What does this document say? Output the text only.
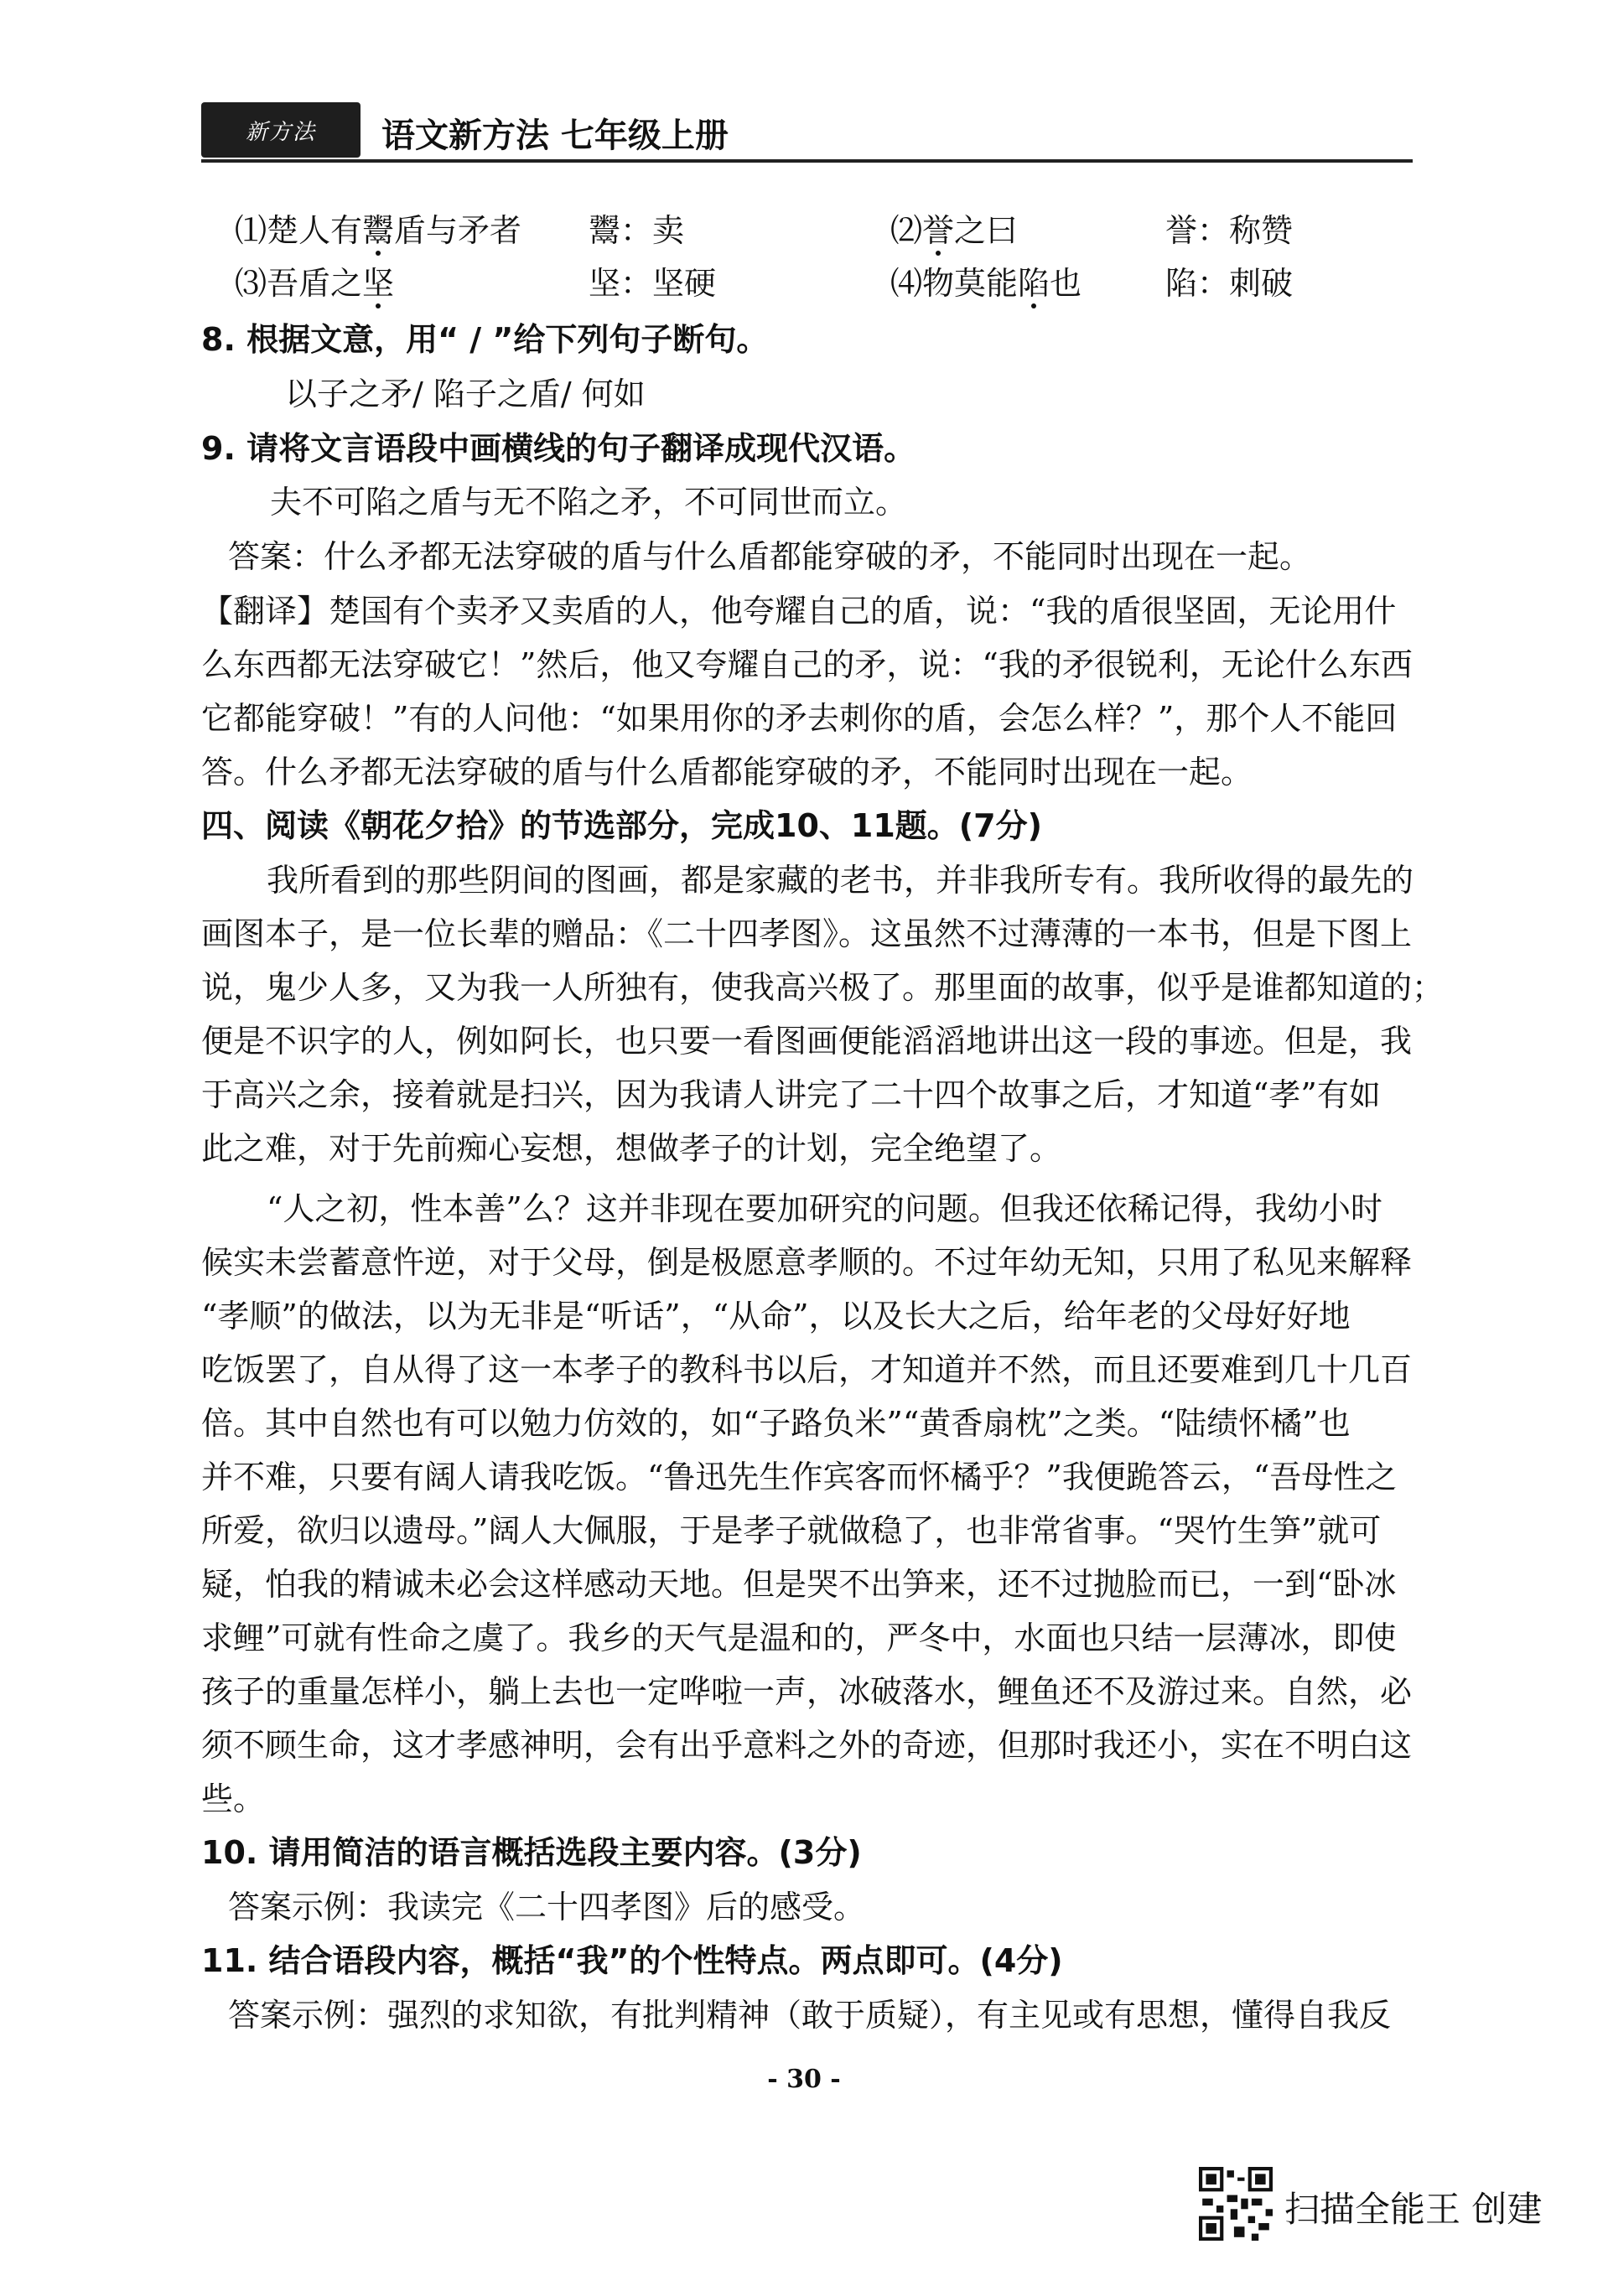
新方法 语文新方法 七年级上册
⑴楚人有鬻盾与矛者 鬻：卖	⑵誉之曰	誉：称赞
⑶吾盾之坚	坚：坚硬	⑷物莫能陷也	陷：刺破
8. 根据文意，用“ / ”给下列句子断句。
以子之矛/ 陷子之盾/ 何如
9. 请将文言语段中画横线的句子翻译成现代汉语。
夫不可陷之盾与无不陷之矛，不可同世而立。
答案：什么矛都无法穿破的盾与什么盾都能穿破的矛，不能同时出现在一起。
【翻译】楚国有个卖矛又卖盾的人，他夸耀自己的盾，说：“我的盾很坚固，无论用什
么东西都无法穿破它！”然后，他又夸耀自己的矛，说：“我的矛很锐利，无论什么东西
它都能穿破！”有的人问他：“如果用你的矛去刺你的盾，会怎么样？”，那个人不能回
答。什么矛都无法穿破的盾与什么盾都能穿破的矛，不能同时出现在一起。
四、阅读《朝花夕拾》的节选部分，完成10、11题。(7分)
我所看到的那些阴间的图画，都是家藏的老书，并非我所专有。我所收得的最先的
画图本子，是一位长辈的赠品：《二十四孝图》。这虽然不过薄薄的一本书，但是下图上
说，鬼少人多，又为我一人所独有，使我高兴极了。那里面的故事，似乎是谁都知道的；
便是不识字的人，例如阿长，也只要一看图画便能滔滔地讲出这一段的事迹。但是，我
于高兴之余，接着就是扫兴，因为我请人讲完了二十四个故事之后，才知道“孝”有如
此之难，对于先前痴心妄想，想做孝子的计划，完全绝望了。
“人之初，性本善”么？这并非现在要加研究的问题。但我还依稀记得，我幼小时
候实未尝蓄意忤逆，对于父母，倒是极愿意孝顺的。不过年幼无知，只用了私见来解释
“孝顺”的做法，以为无非是“听话”，“从命”，以及长大之后，给年老的父母好好地
吃饭罢了，自从得了这一本孝子的教科书以后，才知道并不然，而且还要难到几十几百
倍。其中自然也有可以勉力仿效的，如“子路负米”“黄香扇枕”之类。“陆绩怀橘”也
并不难，只要有阔人请我吃饭。“鲁迅先生作宾客而怀橘乎？”我便跪答云，“吾母性之
所爱，欲归以遗母。”阔人大佩服，于是孝子就做稳了，也非常省事。“哭竹生笋”就可
疑，怕我的精诚未必会这样感动天地。但是哭不出笋来，还不过抛脸而已，一到“卧冰
求鲤”可就有性命之虞了。我乡的天气是温和的，严冬中，水面也只结一层薄冰，即使
孩子的重量怎样小，躺上去也一定哗啦一声，冰破落水，鲤鱼还不及游过来。自然，必
须不顾生命，这才孝感神明，会有出乎意料之外的奇迹，但那时我还小，实在不明白这
些。
10. 请用简洁的语言概括选段主要内容。(3分)
答案示例：我读完《二十四孝图》后的感受。
11. 结合语段内容，概括“我”的个性特点。两点即可。(4分)
答案示例：强烈的求知欲，有批判精神（敢于质疑），有主见或有思想，懂得自我反
- 30 -
扫描全能王 创建
